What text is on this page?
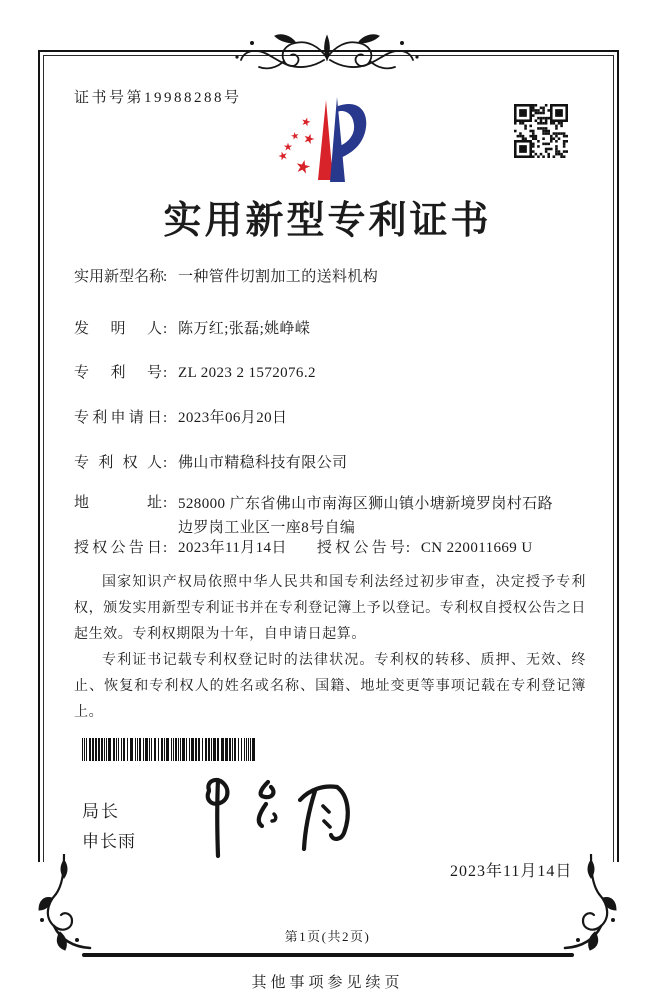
证书号第19988288号
实用新型专利证书
实用新型名称: 一种管件切割加工的送料机构
发明人: 陈万红;张磊;姚峥嵘
专利号: ZL 2023 2 1572076.2
专利申请日: 2023年06月20日
专利权人: 佛山市精稳科技有限公司
地址: 528000 广东省佛山市南海区狮山镇小塘新境罗岗村石路边罗岗工业区一座8号自编
授权公告日: 2023年11月14日 授权公告号: CN 220011669 U

国家知识产权局依照中华人民共和国专利法经过初步审查，决定授予专利权，颁发实用新型专利证书并在专利登记簿上予以登记。专利权自授权公告之日起生效。专利权期限为十年，自申请日起算。

专利证书记载专利权登记时的法律状况。专利权的转移、质押、无效、终止、恢复和专利权人的姓名或名称、国籍、地址变更等事项记载在专利登记簿上。

局长
申长雨
2023年11月14日
第1页(共2页)
其他事项参见续页
